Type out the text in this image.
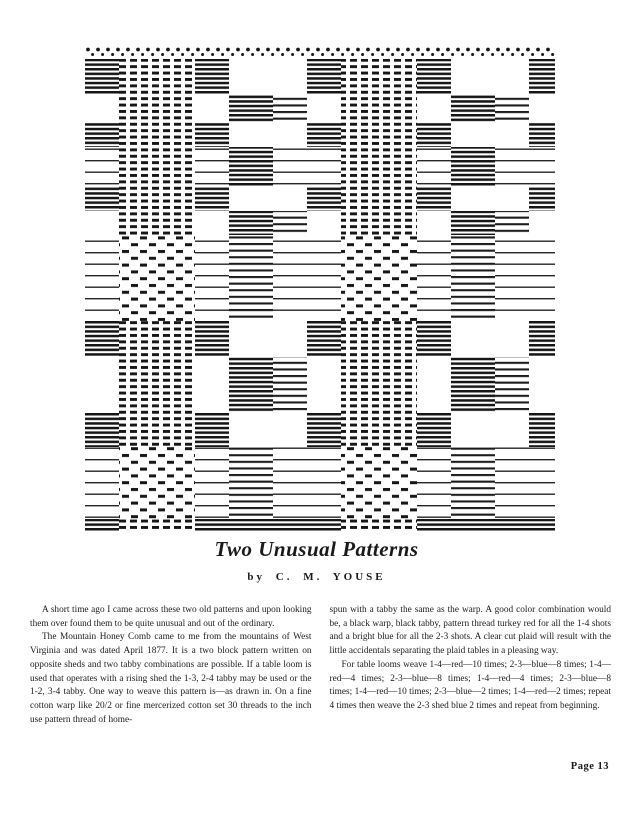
Two Unusual Patterns
by C. M. YOUSE

A short time ago I came across these two old patterns and upon looking them over found them to be quite unusual and out of the ordinary.

The Mountain Honey Comb came to me from the mountains of West Virginia and was dated April 1877. It is a two block pattern written on opposite sheds and two tabby combinations are possible. If a table loom is used that operates with a rising shed the 1-3, 2-4 tabby may be used or the 1-2, 3-4 tabby. One way to weave this pattern is—as drawn in. On a fine cotton warp like 20/2 or fine mercerized cotton set 30 threads to the inch use pattern thread of home-

spun with a tabby the same as the warp. A good color combination would be, a black warp, black tabby, pattern thread turkey red for all the 1-4 shots and a bright blue for all the 2-3 shots. A clear cut plaid will result with the little accidentals separating the plaid tables in a pleasing way.

For table looms weave 1-4—red—10 times; 2-3—blue—8 times; 1-4—red—4 times; 2-3—blue—8 times; 1-4—red—4 times; 2-3—blue—8 times; 1-4—red—10 times; 2-3—blue—2 times; 1-4—red—2 times; repeat 4 times then weave the 2-3 shed blue 2 times and repeat from beginning.

Page 13
